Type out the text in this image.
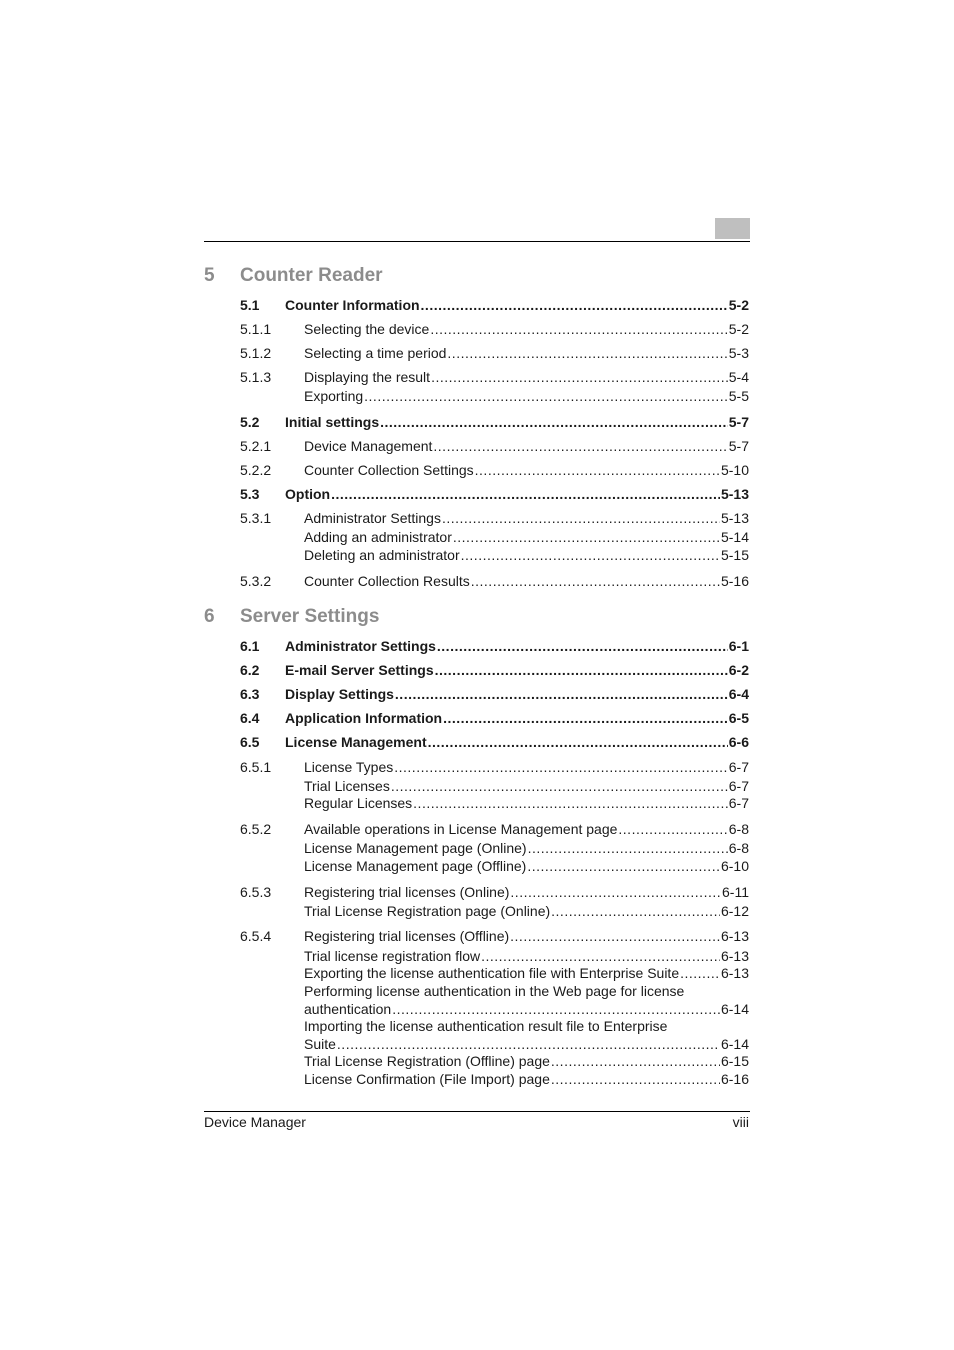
5 Counter Reader
5.1 Counter Information .....	5-2
5.1.1 Selecting the device .....	5-2
5.1.2 Selecting a time period .....	5-3
5.1.3 Displaying the result .....	5-4
Exporting .....	5-5
5.2 Initial settings .....	5-7
5.2.1 Device Management .....	5-7
5.2.2 Counter Collection Settings .....	5-10
5.3 Option .....	5-13
5.3.1 Administrator Settings .....	5-13
Adding an administrator .....	5-14
Deleting an administrator .....	5-15
5.3.2 Counter Collection Results .....	5-16
6 Server Settings
6.1 Administrator Settings .....	6-1
6.2 E-mail Server Settings .....	6-2
6.3 Display Settings .....	6-4
6.4 Application Information .....	6-5
6.5 License Management .....	6-6
6.5.1 License Types .....	6-7
Trial Licenses .....	6-7
Regular Licenses .....	6-7
6.5.2 Available operations in License Management page .....	6-8
License Management page (Online) .....	6-8
License Management page (Offline) .....	6-10
6.5.3 Registering trial licenses (Online) .....	6-11
Trial License Registration page (Online) .....	6-12
6.5.4 Registering trial licenses (Offline) .....	6-13
Trial license registration flow .....	6-13
Exporting the license authentication file with Enterprise Suite .....	6-13
Performing license authentication in the Web page for license
authentication .....	6-14
Importing the license authentication result file to Enterprise
Suite .....	6-14
Trial License Registration (Offline) page .....	6-15
License Confirmation (File Import) page .....	6-16
Device Manager	viii
